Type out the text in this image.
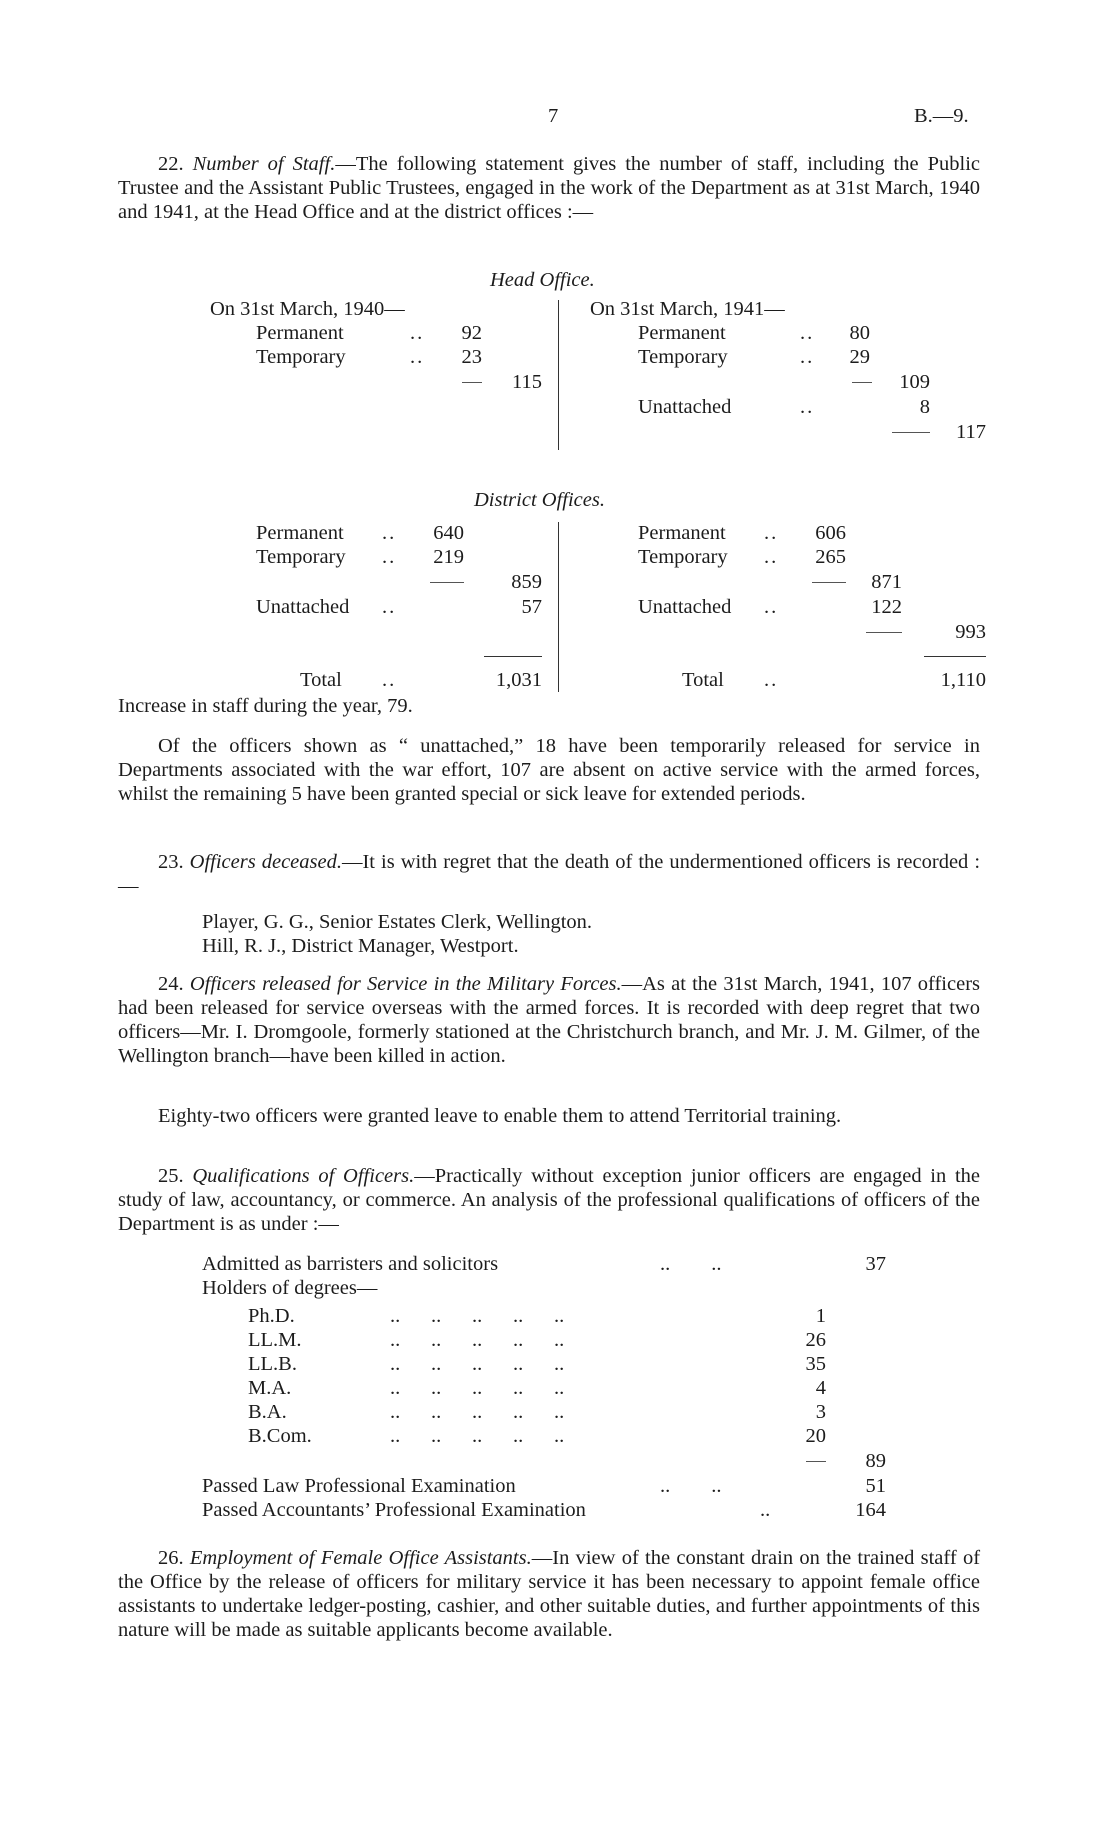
7	B.—9.
22. Number of Staff.—The following statement gives the number of staff, including the Public Trustee and the Assistant Public Trustees, engaged in the work of the Department as at 31st March, 1940 and 1941, at the Head Office and at the district offices :—
Head Office.
On 31st March, 1940—
Permanent	..	92
Temporary	..	23
115
On 31st March, 1941—
Permanent	..	80
Temporary	..	29
109
Unattached	..	8
117
District Offices.
Permanent ..	640
Temporary ..	219
859
Unattached ..	57
Total ..	1,031
Permanent ..	606
Temporary ..	265
871
Unattached ..	122
993
Total ..	1,110
Increase in staff during the year, 79.
Of the officers shown as “ unattached,” 18 have been temporarily released for service in Departments associated with the war effort, 107 are absent on active service with the armed forces, whilst the remaining 5 have been granted special or sick leave for extended periods.
23. Officers deceased.—It is with regret that the death of the undermentioned officers is recorded :—
Player, G. G., Senior Estates Clerk, Wellington.
Hill, R. J., District Manager, Westport.
24. Officers released for Service in the Military Forces.—As at the 31st March, 1941, 107 officers had been released for service overseas with the armed forces. It is recorded with deep regret that two officers—Mr. I. Dromgoole, formerly stationed at the Christchurch branch, and Mr. J. M. Gilmer, of the Wellington branch—have been killed in action.
Eighty-two officers were granted leave to enable them to attend Territorial training.
25. Qualifications of Officers.—Practically without exception junior officers are engaged in the study of law, accountancy, or commerce. An analysis of the professional qualifications of officers of the Department is as under :—
Admitted as barristers and solicitors	..        ..	37
Holders of degrees—
Ph.D.	..      ..      ..      ..      ..	1
LL.M.	..      ..      ..      ..      ..	26
LL.B.	..      ..      ..      ..      ..	35
M.A.	..      ..      ..      ..      ..	4
B.A.	..      ..      ..      ..      ..	3
B.Com.	..      ..      ..      ..      ..	20
89
Passed Law Professional Examination	..        ..	51
Passed Accountants’ Professional Examination	..	164
26. Employment of Female Office Assistants.—In view of the constant drain on the trained staff of the Office by the release of officers for military service it has been necessary to appoint female office assistants to undertake ledger-posting, cashier, and other suitable duties, and further appointments of this nature will be made as suitable applicants become available.
